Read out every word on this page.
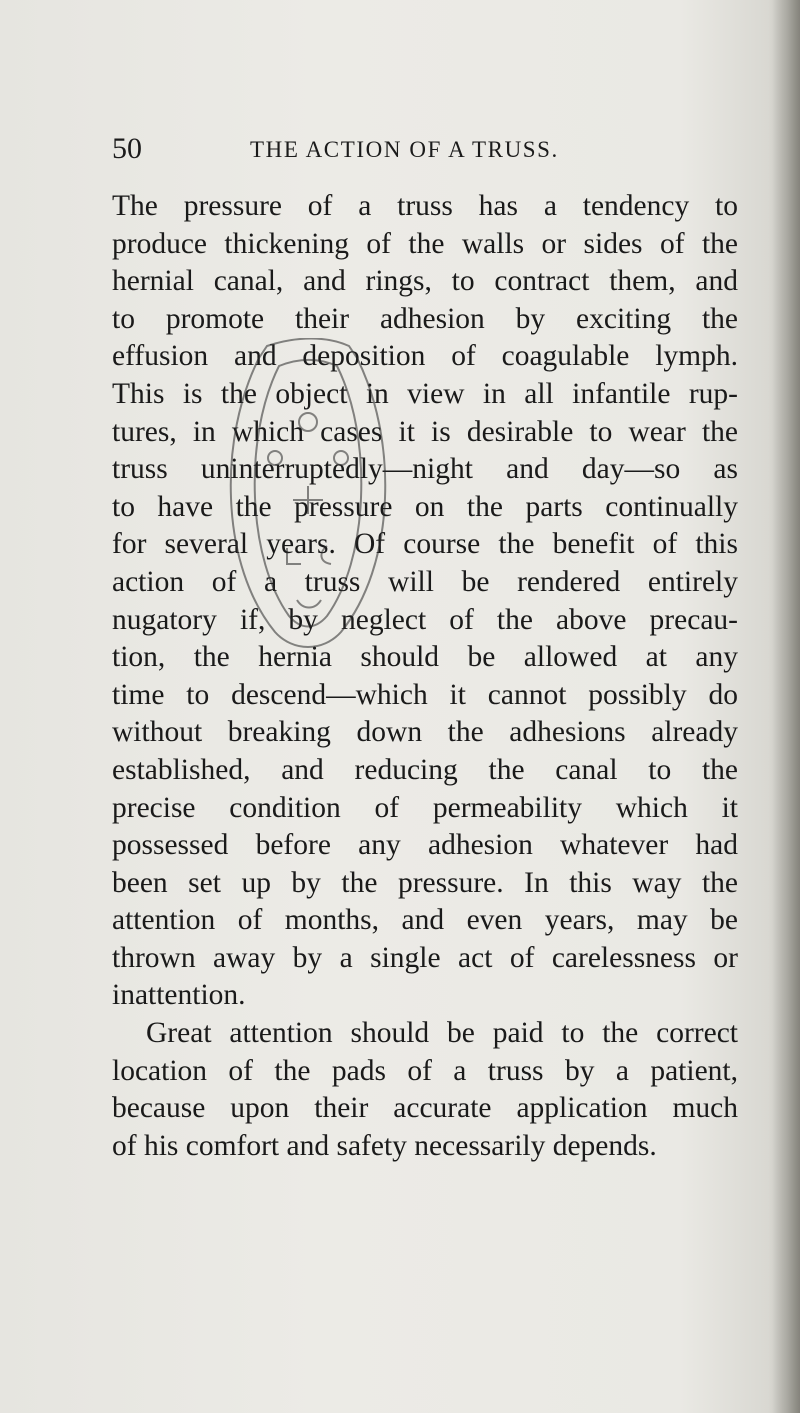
50	THE ACTION OF A TRUSS.
The pressure of a truss has a tendency to
produce thickening of the walls or sides of the
hernial canal, and rings, to contract them, and
to promote their adhesion by exciting the
effusion and deposition of coagulable lymph.
This is the object in view in all infantile rup-
tures, in which cases it is desirable to wear the
truss uninterruptedly—night and day—so as
to have the pressure on the parts continually
for several years. Of course the benefit of this
action of a truss will be rendered entirely
nugatory if, by neglect of the above precau-
tion, the hernia should be allowed at any
time to descend—which it cannot possibly do
without breaking down the adhesions already
established, and reducing the canal to the
precise condition of permeability which it
possessed before any adhesion whatever had
been set up by the pressure. In this way the
attention of months, and even years, may be
thrown away by a single act of carelessness or
inattention.
Great attention should be paid to the correct
location of the pads of a truss by a patient,
because upon their accurate application much
of his comfort and safety necessarily depends.
